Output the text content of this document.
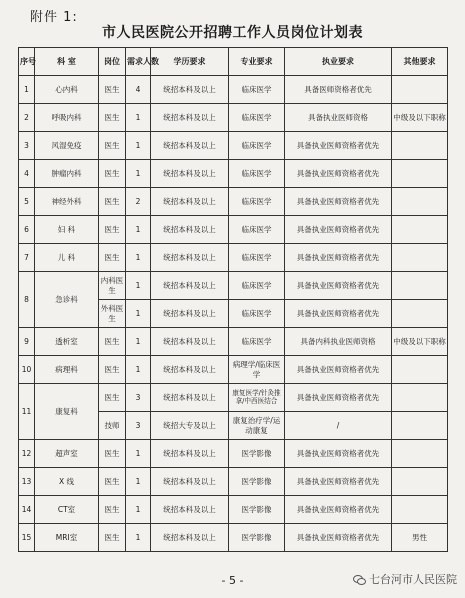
附件 1:
市人民医院公开招聘工作人员岗位计划表
序号	科 室	岗位	需求人数	学历要求	专业要求	执业要求	其他要求
1	心内科	医生	4	统招本科及以上	临床医学	具备医师资格者优先	
2	呼吸内科	医生	1	统招本科及以上	临床医学	具备执业医师资格	中级及以下职称
3	风湿免疫	医生	1	统招本科及以上	临床医学	具备执业医师资格者优先	
4	肿瘤内科	医生	1	统招本科及以上	临床医学	具备执业医师资格者优先	
5	神经外科	医生	2	统招本科及以上	临床医学	具备执业医师资格者优先	
6	妇 科	医生	1	统招本科及以上	临床医学	具备执业医师资格者优先	
7	儿 科	医生	1	统招本科及以上	临床医学	具备执业医师资格者优先	
8	急诊科	内科医生	1	统招本科及以上	临床医学	具备执业医师资格者优先	
		外科医生	1	统招本科及以上	临床医学	具备执业医师资格者优先	
9	透析室	医生	1	统招本科及以上	临床医学	具备内科执业医师资格	中级及以下职称
10	病理科	医生	1	统招本科及以上	病理学/临床医学	具备执业医师资格者优先	
11	康复科	医生	3	统招本科及以上	康复医学/针灸推拿/中西医结合	具备执业医师资格者优先	
		技师	3	统招大专及以上	康复治疗学/运动康复	/	
12	超声室	医生	1	统招本科及以上	医学影像	具备执业医师资格者优先	
13	X 线	医生	1	统招本科及以上	医学影像	具备执业医师资格者优先	
14	CT室	医生	1	统招本科及以上	医学影像	具备执业医师资格者优先	
15	MRI室	医生	1	统招本科及以上	医学影像	具备执业医师资格者优先	男性
- 5 -	七台河市人民医院
